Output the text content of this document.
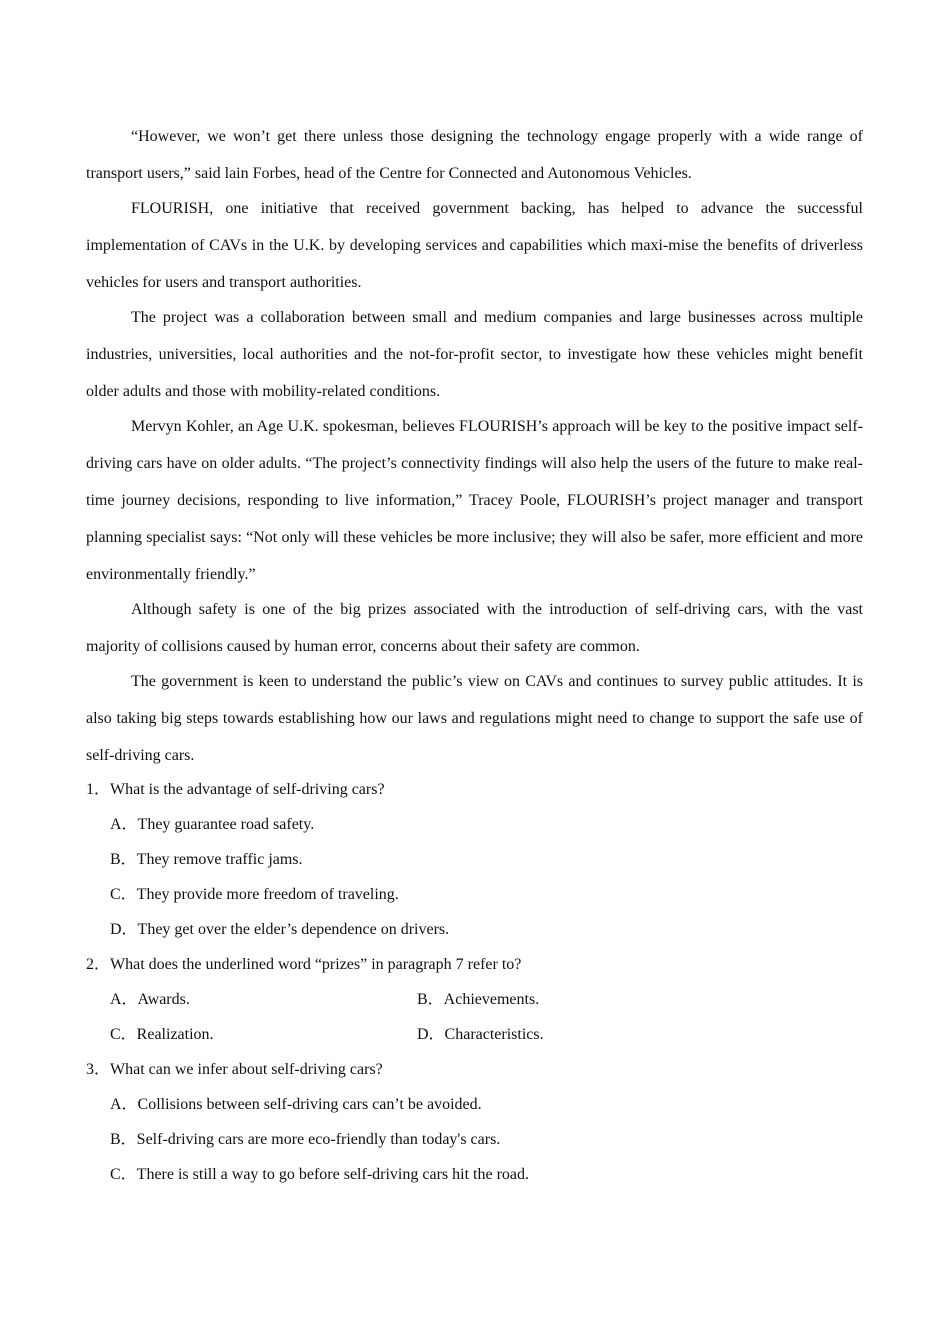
“However, we won’t get there unless those designing the technology engage properly with a wide range of transport users,” said lain Forbes, head of the Centre for Connected and Autonomous Vehicles.

FLOURISH, one initiative that received government backing, has helped to advance the successful implementation of CAVs in the U.K. by developing services and capabilities which maxi-mise the benefits of driverless vehicles for users and transport authorities.

The project was a collaboration between small and medium companies and large businesses across multiple industries, universities, local authorities and the not-for-profit sector, to investigate how these vehicles might benefit older adults and those with mobility-related conditions.

Mervyn Kohler, an Age U.K. spokesman, believes FLOURISH’s approach will be key to the positive impact self-driving cars have on older adults. “The project’s connectivity findings will also help the users of the future to make real-time journey decisions, responding to live information,” Tracey Poole, FLOURISH’s project manager and transport planning specialist says: “Not only will these vehicles be more inclusive; they will also be safer, more efficient and more environmentally friendly.”

Although safety is one of the big prizes associated with the introduction of self-driving cars, with the vast majority of collisions caused by human error, concerns about their safety are common.

The government is keen to understand the public’s view on CAVs and continues to survey public attitudes. It is also taking big steps towards establishing how our laws and regulations might need to change to support the safe use of self-driving cars.

1．What is the advantage of self-driving cars?

A．They guarantee road safety.

B．They remove traffic jams.

C．They provide more freedom of traveling.

D．They get over the elder’s dependence on drivers.

2．What does the underlined word “prizes” in paragraph 7 refer to?

A．Awards.	B．Achievements.
C．Realization.	D．Characteristics.

3．What can we infer about self-driving cars?

A．Collisions between self-driving cars can’t be avoided.

B．Self-driving cars are more eco-friendly than today's cars.

C．There is still a way to go before self-driving cars hit the road.
